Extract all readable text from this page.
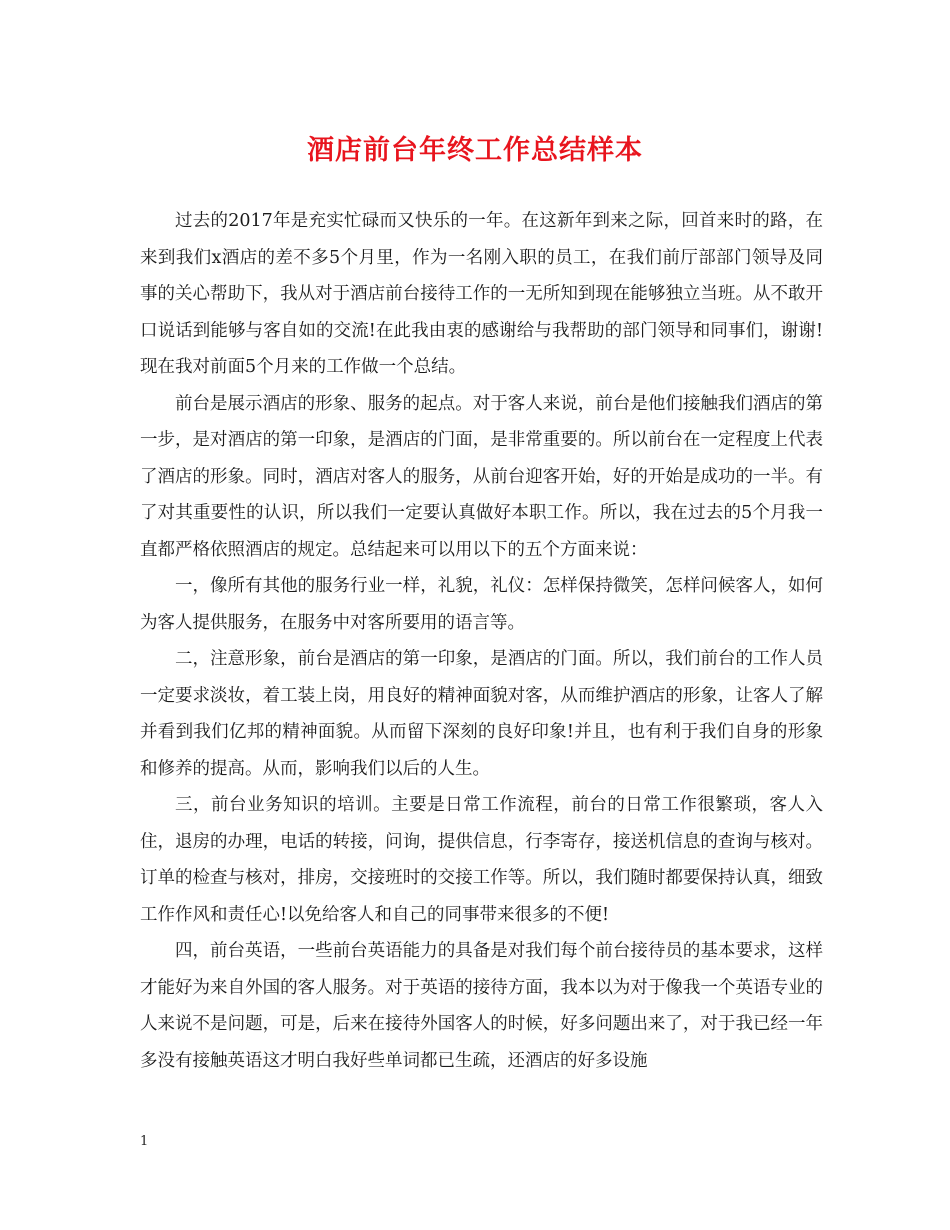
酒店前台年终工作总结样本

过去的2017年是充实忙碌而又快乐的一年。在这新年到来之际，回首来时的路，在来到我们x酒店的差不多5个月里，作为一名刚入职的员工，在我们前厅部部门领导及同事的关心帮助下，我从对于酒店前台接待工作的一无所知到现在能够独立当班。从不敢开口说话到能够与客自如的交流!在此我由衷的感谢给与我帮助的部门领导和同事们，谢谢!现在我对前面5个月来的工作做一个总结。

前台是展示酒店的形象、服务的起点。对于客人来说，前台是他们接触我们酒店的第一步，是对酒店的第一印象，是酒店的门面，是非常重要的。所以前台在一定程度上代表了酒店的形象。同时，酒店对客人的服务，从前台迎客开始，好的开始是成功的一半。有了对其重要性的认识，所以我们一定要认真做好本职工作。所以，我在过去的5个月我一直都严格依照酒店的规定。总结起来可以用以下的五个方面来说：

一，像所有其他的服务行业一样，礼貌，礼仪：怎样保持微笑，怎样问候客人，如何为客人提供服务，在服务中对客所要用的语言等。

二，注意形象，前台是酒店的第一印象，是酒店的门面。所以，我们前台的工作人员一定要求淡妆，着工装上岗，用良好的精神面貌对客，从而维护酒店的形象，让客人了解并看到我们亿邦的精神面貌。从而留下深刻的良好印象!并且，也有利于我们自身的形象和修养的提高。从而，影响我们以后的人生。

三，前台业务知识的培训。主要是日常工作流程，前台的日常工作很繁琐，客人入住，退房的办理，电话的转接，问询，提供信息，行李寄存，接送机信息的查询与核对。订单的检查与核对，排房，交接班时的交接工作等。所以，我们随时都要保持认真，细致工作作风和责任心!以免给客人和自己的同事带来很多的不便!

四，前台英语，一些前台英语能力的具备是对我们每个前台接待员的基本要求，这样才能好为来自外国的客人服务。对于英语的接待方面，我本以为对于像我一个英语专业的人来说不是问题，可是，后来在接待外国客人的时候，好多问题出来了，对于我已经一年多没有接触英语这才明白我好些单词都已生疏，还酒店的好多设施

1
